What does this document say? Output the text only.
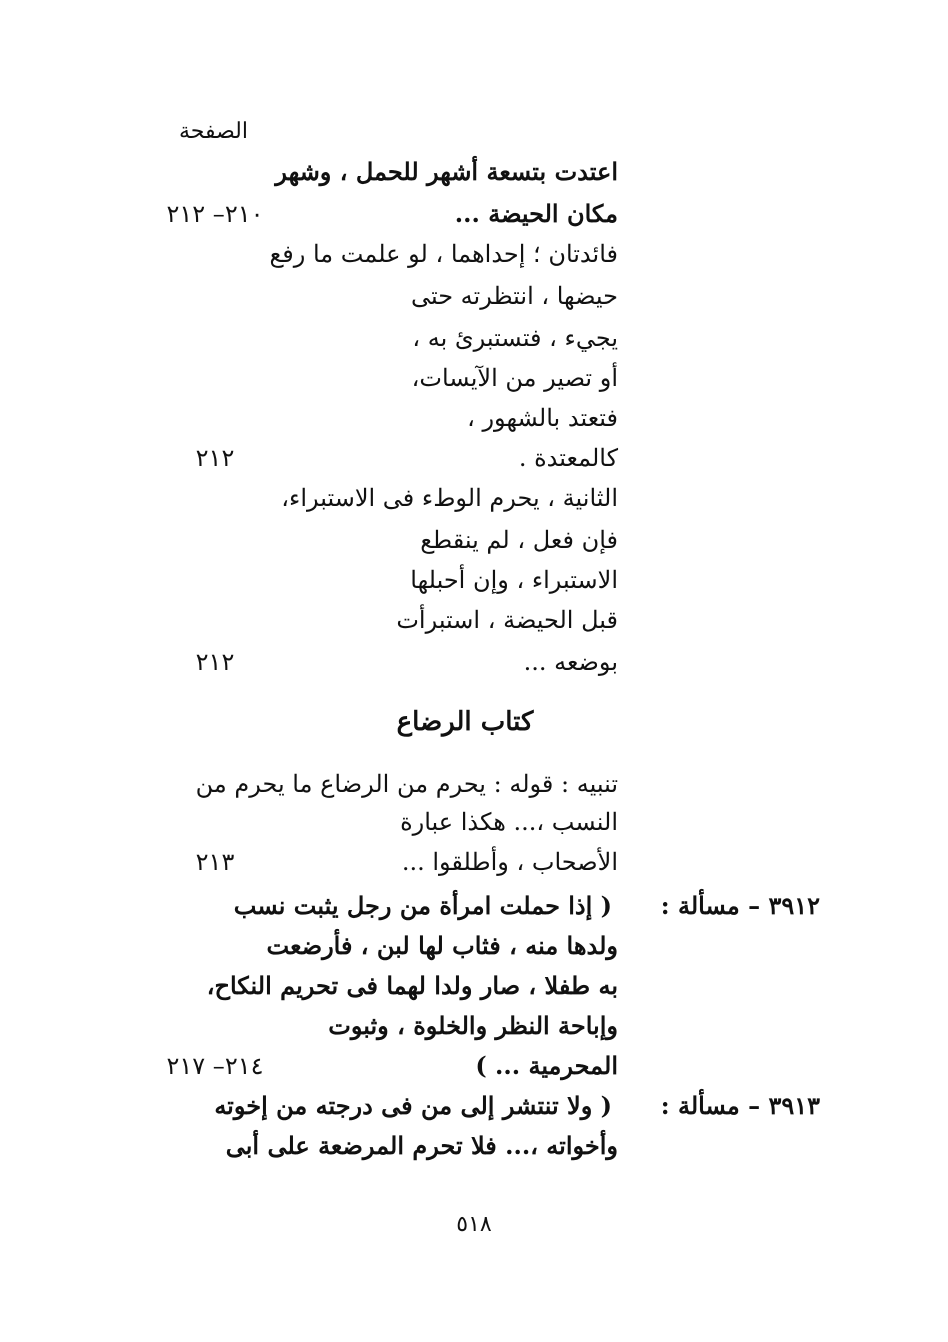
الصفحة
اعتدت بتسعة أشهر للحمل ، وشهر
مكان الحيضة ...
٢١٠– ٢١٢
فائدتان ؛ إحداهما ، لو علمت ما رفع
حيضها ، انتظرته حتى
يجيء ، فتستبرئ به ،
أو تصير من الآيسات،
فتعتد بالشهور ،
كالمعتدة .
٢١٢
الثانية ، يحرم الوطء فى الاستبراء،
فإن فعل ، لم ينقطع
الاستبراء ، وإن أحبلها
قبل الحيضة ، استبرأت
بوضعه ...
٢١٢
كتاب الرضاع
تنبيه : قوله : يحرم من الرضاع ما يحرم من
النسب ،... هكذا عبارة
الأصحاب ، وأطلقوا ...
٢١٣
٣٩١٢ – مسألة :
( إذا حملت امرأة من رجل يثبت نسب
ولدها منه ، فثاب لها لبن ، فأرضعت
به طفلا ، صار ولدا لهما فى تحريم النكاح،
وإباحة النظر والخلوة ، وثبوت
المحرمية ... )
٢١٤– ٢١٧
٣٩١٣ – مسألة :
( ولا تنتشر إلى من فى درجته من إخوته
وأخواته ،... فلا تحرم المرضعة على أبى
٥١٨
